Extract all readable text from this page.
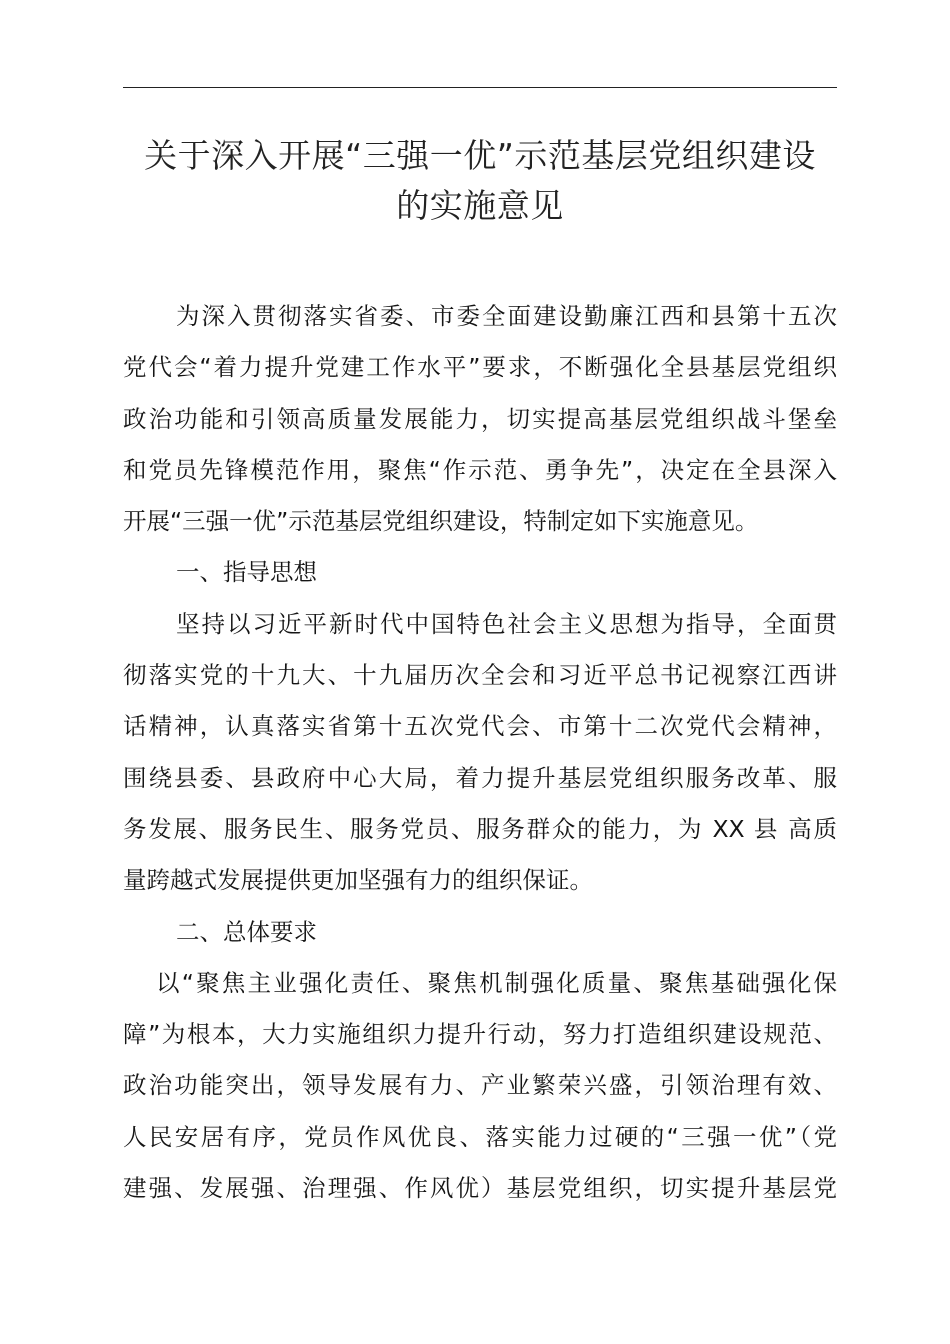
关于深入开展“三强一优”示范基层党组织建设
的实施意见
为深入贯彻落实省委、市委全面建设勤廉江西和县第十五次
党代会“着力提升党建工作水平”要求，不断强化全县基层党组织
政治功能和引领高质量发展能力，切实提高基层党组织战斗堡垒
和党员先锋模范作用，聚焦“作示范、勇争先”，决定在全县深入
开展“三强一优”示范基层党组织建设，特制定如下实施意见。
一、指导思想
坚持以习近平新时代中国特色社会主义思想为指导，全面贯
彻落实党的十九大、十九届历次全会和习近平总书记视察江西讲
话精神，认真落实省第十五次党代会、市第十二次党代会精神，
围绕县委、县政府中心大局，着力提升基层党组织服务改革、服
务发展、服务民生、服务党员、服务群众的能力，为 XX 县 高质
量跨越式发展提供更加坚强有力的组织保证。
二、总体要求
以“聚焦主业强化责任、聚焦机制强化质量、聚焦基础强化保
障”为根本，大力实施组织力提升行动，努力打造组织建设规范、
政治功能突出，领导发展有力、产业繁荣兴盛，引领治理有效、
人民安居有序，党员作风优良、落实能力过硬的“三强一优”（党
建强、发展强、治理强、作风优）基层党组织，切实提升基层党
